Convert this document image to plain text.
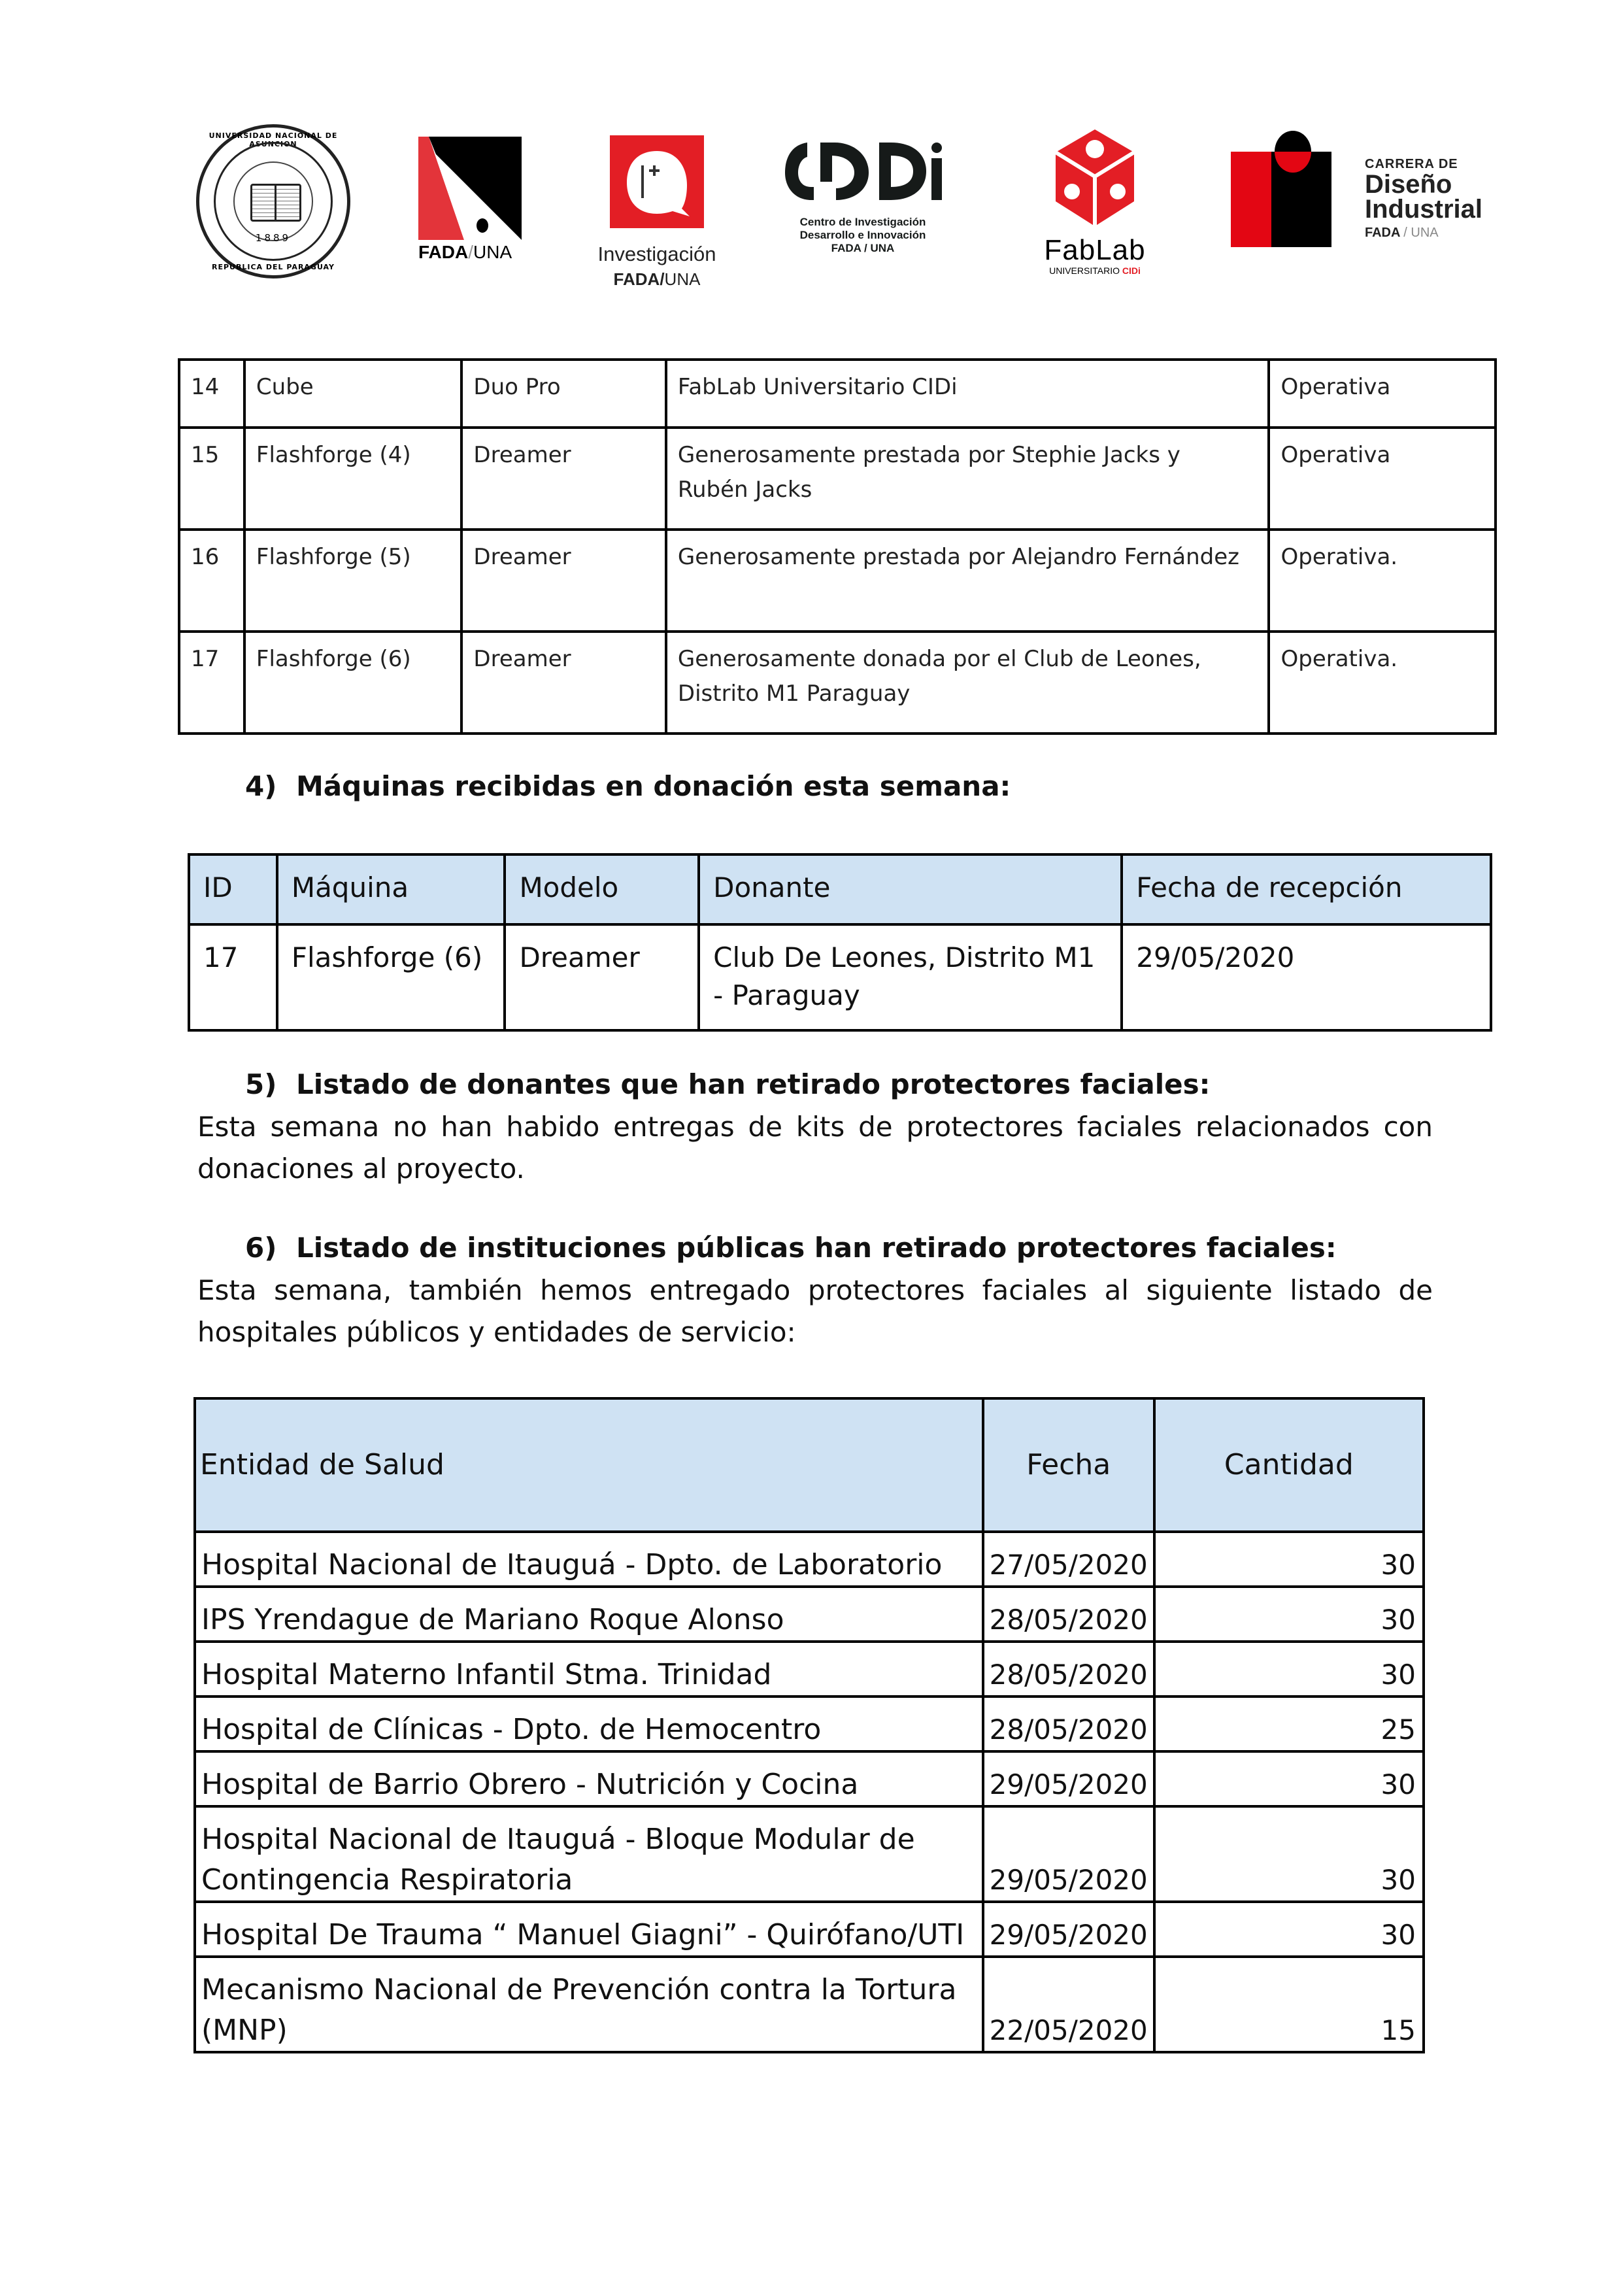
UNIVERSIDAD NACIONAL DE ASUNCION
1889
REPUBLICA DEL PARAGUAY
FADA/UNA	Investigación
FADA/UNA
Centro de Investigación
Desarrollo e Innovación
FADA / UNA	FabLab
UNIVERSITARIO CIDi
CARRERA DE
Diseño
Industrial
FADA / UNA
14	Cube	Duo Pro	FabLab Universitario CIDi	Operativa
15	Flashforge (4)	Dreamer	Generosamente prestada por Stephie Jacks y Rubén Jacks	Operativa
16	Flashforge (5)	Dreamer	Generosamente prestada por Alejandro Fernández	Operativa.
17	Flashforge (6)	Dreamer	Generosamente donada por el Club de Leones, Distrito M1 Paraguay	Operativa.
4) Máquinas recibidas en donación esta semana:
ID	Máquina	Modelo	Donante	Fecha de recepción
17	Flashforge (6)	Dreamer	Club De Leones, Distrito M1 - Paraguay	29/05/2020
5) Listado de donantes que han retirado protectores faciales:
Esta semana no han habido entregas de kits de protectores faciales relacionados con donaciones al proyecto.
6) Listado de instituciones públicas han retirado protectores faciales:
Esta semana, también hemos entregado protectores faciales al siguiente listado de hospitales públicos y entidades de servicio:
Entidad de Salud	Fecha	Cantidad
Hospital Nacional de Itauguá - Dpto. de Laboratorio	27/05/2020	30
IPS Yrendague de Mariano Roque Alonso	28/05/2020	30
Hospital Materno Infantil Stma. Trinidad	28/05/2020	30
Hospital de Clínicas - Dpto. de Hemocentro	28/05/2020	25
Hospital de Barrio Obrero - Nutrición y Cocina	29/05/2020	30
Hospital Nacional de Itauguá - Bloque Modular de Contingencia Respiratoria	29/05/2020	30
Hospital De Trauma “ Manuel Giagni” - Quirófano/UTI	29/05/2020	30
Mecanismo Nacional de Prevención contra la Tortura (MNP)	22/05/2020	15
